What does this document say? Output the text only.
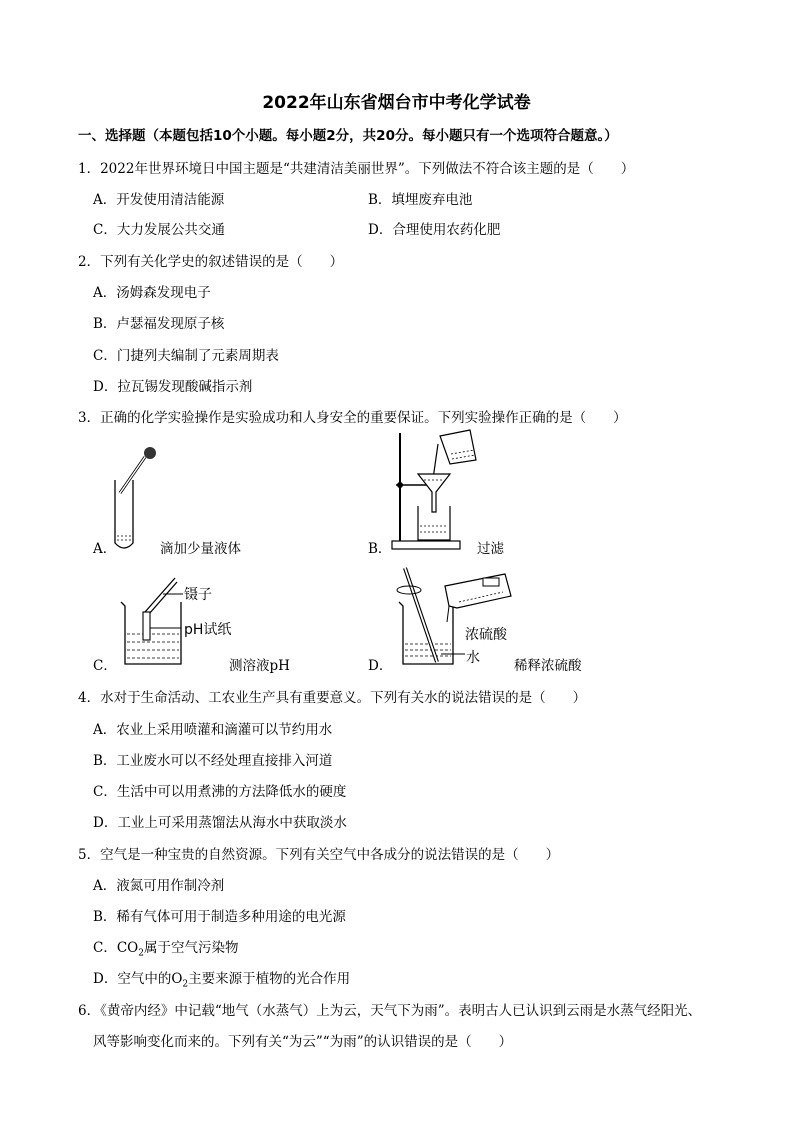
2022年山东省烟台市中考化学试卷
一、选择题（本题包括10个小题。每小题2分，共20分。每小题只有一个选项符合题意。）
1．2022年世界环境日中国主题是“共建清洁美丽世界”。下列做法不符合该主题的是（　　）
A．开发使用清洁能源	B．填埋废弃电池
C．大力发展公共交通	D．合理使用农药化肥
2．下列有关化学史的叙述错误的是（　　）
A．汤姆森发现电子
B．卢瑟福发现原子核
C．门捷列夫编制了元素周期表
D．拉瓦锡发现酸碱指示剂
3．正确的化学实验操作是实验成功和人身安全的重要保证。下列实验操作正确的是（　　）
A．	滴加少量液体	B．	过滤
镊子
pH试纸
C．	测溶液pH
浓硫酸
水
D．	稀释浓硫酸
4．水对于生命活动、工农业生产具有重要意义。下列有关水的说法错误的是（　　）
A．农业上采用喷灌和滴灌可以节约用水
B．工业废水可以不经处理直接排入河道
C．生活中可以用煮沸的方法降低水的硬度
D．工业上可采用蒸馏法从海水中获取淡水
5．空气是一种宝贵的自然资源。下列有关空气中各成分的说法错误的是（　　）
A．液氮可用作制冷剂
B．稀有气体可用于制造多种用途的电光源
C．$CO_2$属于空气污染物
D．空气中的$O_2$主要来源于植物的光合作用
6．《黄帝内经》中记载“地气（水蒸气）上为云，天气下为雨”。表明古人已认识到云雨是水蒸气经阳光、
风等影响变化而来的。下列有关“为云”“为雨”的认识错误的是（　　）
